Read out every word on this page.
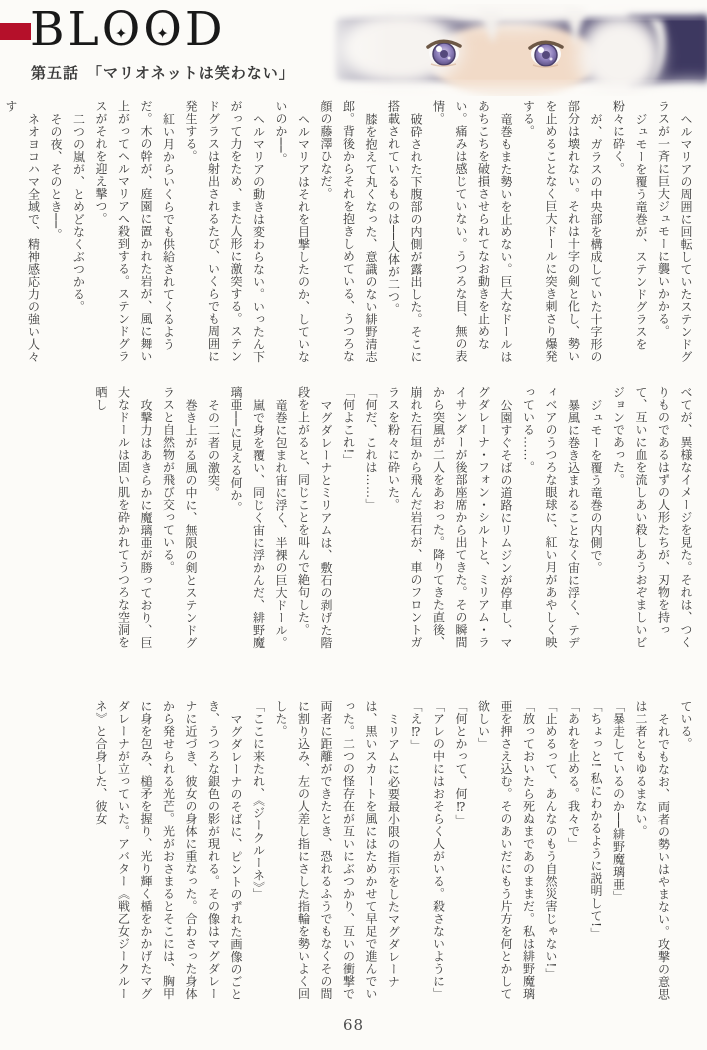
BLO ✦O ✦D
第五話 「マリオネットは笑わない」

ヘルマリアの周囲に回転していたステンドグラスが一斉に巨大ジュモーに襲いかかる。

ジュモーを覆う竜巻が、ステンドグラスを粉々に砕く。

が、ガラスの中央部を構成していた十字形の部分は壊れない。それは十字の剣と化し、勢いを止めることなく巨大ドールに突き刺さり爆発する。

竜巻もまた勢いを止めない。巨大なドールはあちこちを破損させられてなお動きを止めない。痛みは感じていない。うつろな目、無の表情。

破砕された下腹部の内側が露出した。そこに搭載されているものは──人体が二つ。

膝を抱えて丸くなった、意識のない緋野清志郎。背後からそれを抱きしめている、うつろな顔の藤澤ひなだ。

ヘルマリアはそれを目撃したのか、していないのか──。

ヘルマリアの動きは変わらない。いったん下がって力をため、また人形に激突する。ステンドグラスは射出されるたび、いくらでも周囲に発生する。

紅い月からいくらでも供給されてくるようだ。木の幹が、庭園に置かれた岩が、風に舞い上がってヘルマリアへ殺到する。ステンドグラスがそれを迎え撃つ。

二つの嵐が、とめどなくぶつかる。

その夜、そのとき──。

ネオヨコハマ全域で、精神感応力の強い人々す

べてが、異様なイメージを見た。それは、つくりものであるはずの人形たちが、刃物を持って、互いに血を流しあい殺しあうおぞましいビジョンであった。

ジュモーを覆う竜巻の内側で。

暴風に巻き込まれることなく宙に浮く、テディベアのうつろな眼球に、紅い月があやしく映っている……。

公園すぐそばの道路にリムジンが停車し、マグダレーナ・フォン・シルトと、ミリアム・ライサンダーが後部座席から出てきた。その瞬間から突風が二人をあおった。降りてきた直後、崩れた石垣から飛んだ岩石が、車のフロントガラスを粉々に砕いた。

「何だ、これは……」

「何よこれ!」

マグダレーナとミリアムは、敷石の剥げた階段を上がると、同じことを叫んで絶句した。

竜巻に包まれ宙に浮く、半裸の巨大ドール。

嵐で身を覆い、同じく宙に浮かんだ、緋野魔璃亜──に見える何か。

その二者の激突。

巻き上がる風の中に、無限の剣とステンドグラスと自然物が飛び交っている。

攻撃力はあきらかに魔璃亜が勝っており、巨大なドールは固い肌を砕かれてうつろな空洞を晒し

ている。

それでもなお、両者の勢いはやまない。攻撃の意思は二者ともゆるまない。

「暴走しているのか──緋野魔璃亜」

「ちょっと! 私にわかるように説明して!」

「あれを止める。我々で」

「止めるって、あんなのもう自然災害じゃない!」

「放っておいたら死ぬまであのままだ。私は緋野魔璃亜を押さえ込む。そのあいだにもう片方を何とかして欲しい」

「何とかって、何⁉」

「アレの中にはおそらく人がいる。殺さないように」

「え⁉」

ミリアムに必要最小限の指示をしたマグダレーナは、黒いスカートを風にはためかせて早足で進んでいった。二つの怪存在が互いにぶつかり、互いの衝撃で両者に距離ができたとき、恐れるふうでもなくその間に割り込み、左の人差し指にさした指輪を勢いよく回した。

「ここに来たれ、《ジークルーネ》」

マグダレーナのそばに、ピントのずれた画像のごとき、うつろな銀色の影が現れる。その像はマグダレーナに近づき、彼女の身体に重なった。合わさった身体から発せられる光芒。光がおさまるとそこには、胸甲に身を包み、槌矛を握り、光り輝く楯をかかげたマグダレーナが立っていた。アバター《戦乙女ジークルーネ》と合身した、彼女

68
